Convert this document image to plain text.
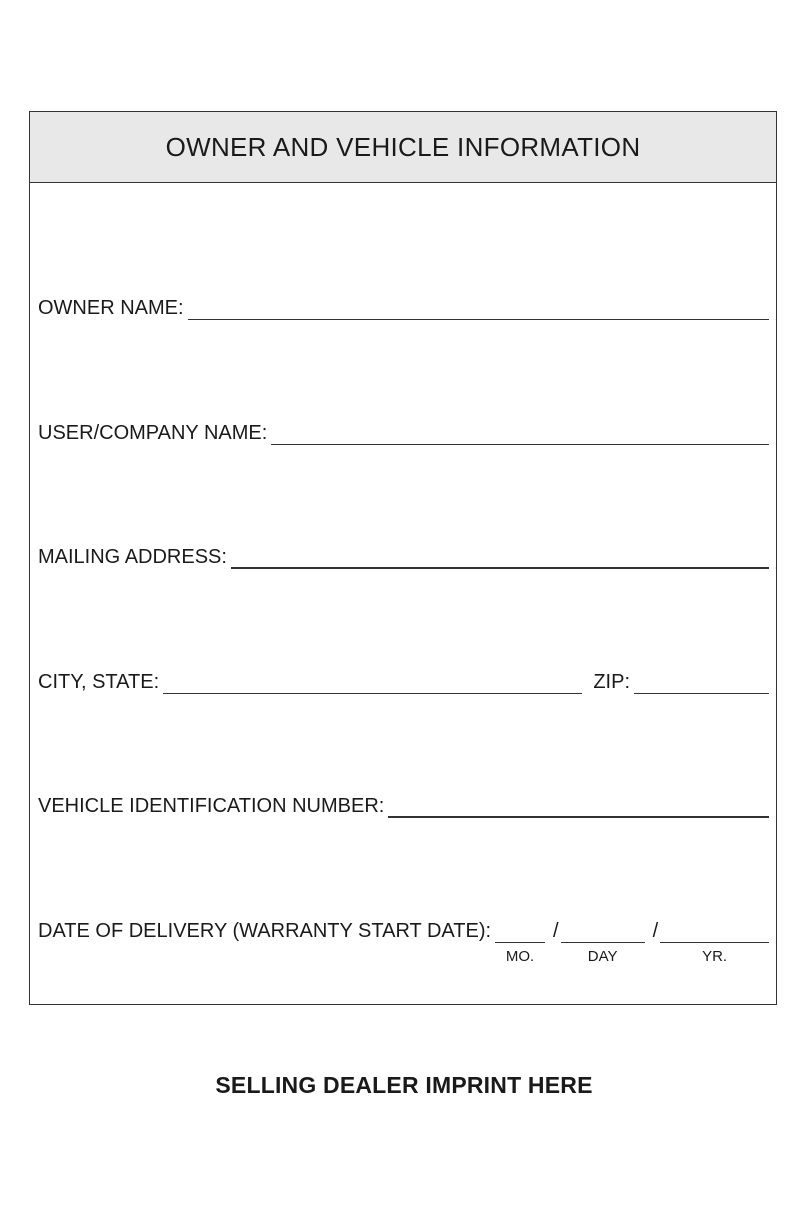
OWNER AND VEHICLE INFORMATION
OWNER NAME:
USER/COMPANY NAME:
MAILING ADDRESS:
CITY, STATE:	ZIP:
VEHICLE IDENTIFICATION NUMBER:
DATE OF DELIVERY (WARRANTY START DATE):
MO.
/
DAY
/
YR.
SELLING DEALER IMPRINT HERE
